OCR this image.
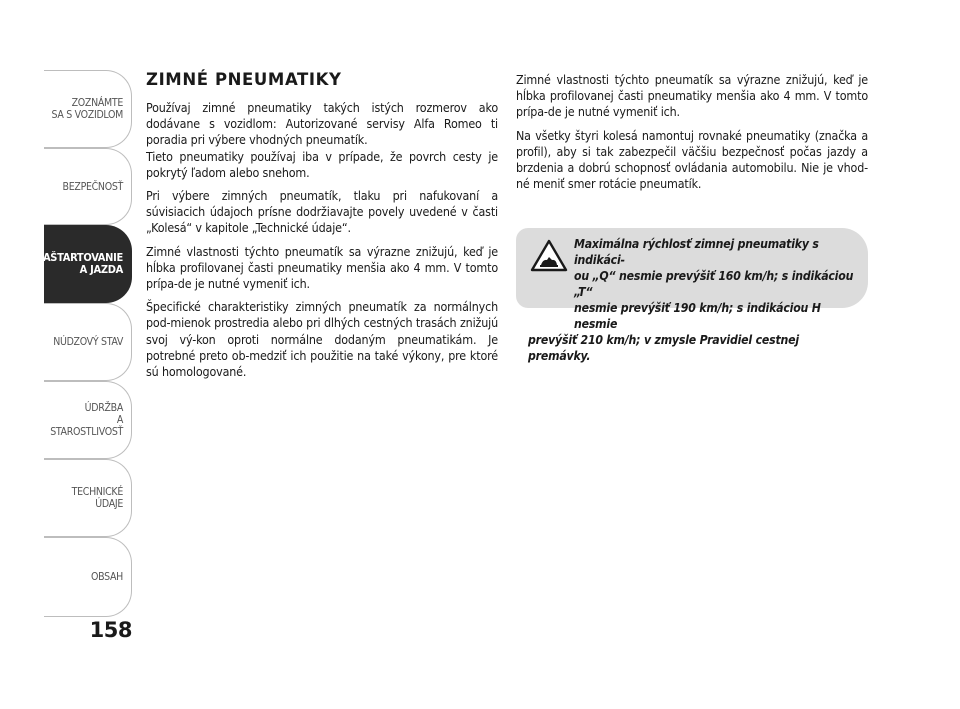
ZOZNÁMTE
SA S VOZIDLOM
BEZPEČNOSŤ
NAŠTARTOVANIE
A JAZDA
NÚDZOVÝ STAV
ÚDRŽBA
A STAROSTLIVOSŤ
TECHNICKÉ
ÚDAJE
OBSAH
158
ZIMNÉ PNEUMATIKY

Používaj zimné pneumatiky takých istých rozmerov ako dodávane s vozidlom: Autorizované servisy Alfa Romeo ti poradia pri výbere vhodných pneumatík.

Tieto pneumatiky používaj iba v prípade, že povrch cesty je pokrytý ľadom alebo snehom.

Pri výbere zimných pneumatík, tlaku pri nafukovaní a súvisiacich údajoch prísne dodržiavajte povely uvedené v časti „Kolesá“ v kapitole „Technické údaje“.

Zimné vlastnosti týchto pneumatík sa výrazne znižujú, keď je hĺbka profilovanej časti pneumatiky menšia ako 4 mm. V tomto prípa-de je nutné vymeniť ich.

Špecifické charakteristiky zimných pneumatík za normálnych pod-mienok prostredia alebo pri dlhých cestných trasách znižujú svoj vý-kon oproti normálne dodaným pneumatikám. Je potrebné preto ob-medziť ich použitie na také výkony, pre ktoré sú homologované.

Zimné vlastnosti týchto pneumatík sa výrazne znižujú, keď je hĺbka profilovanej časti pneumatiky menšia ako 4 mm. V tomto prípa-de je nutné vymeniť ich.

Na všetky štyri kolesá namontuj rovnaké pneumatiky (značka a profil), aby si tak zabezpečil väčšiu bezpečnosť počas jazdy a brzdenia a dobrú schopnosť ovládania automobilu. Nie je vhod-né meniť smer rotácie pneumatík.

Maximálna rýchlosť zimnej pneumatiky s indikáci-
ou „Q“ nesmie prevýšiť 160 km/h; s indikáciou „T“
nesmie prevýšiť 190 km/h; s indikáciou H nesmie
prevýšiť 210 km/h; v zmysle Pravidiel cestnej premávky.
